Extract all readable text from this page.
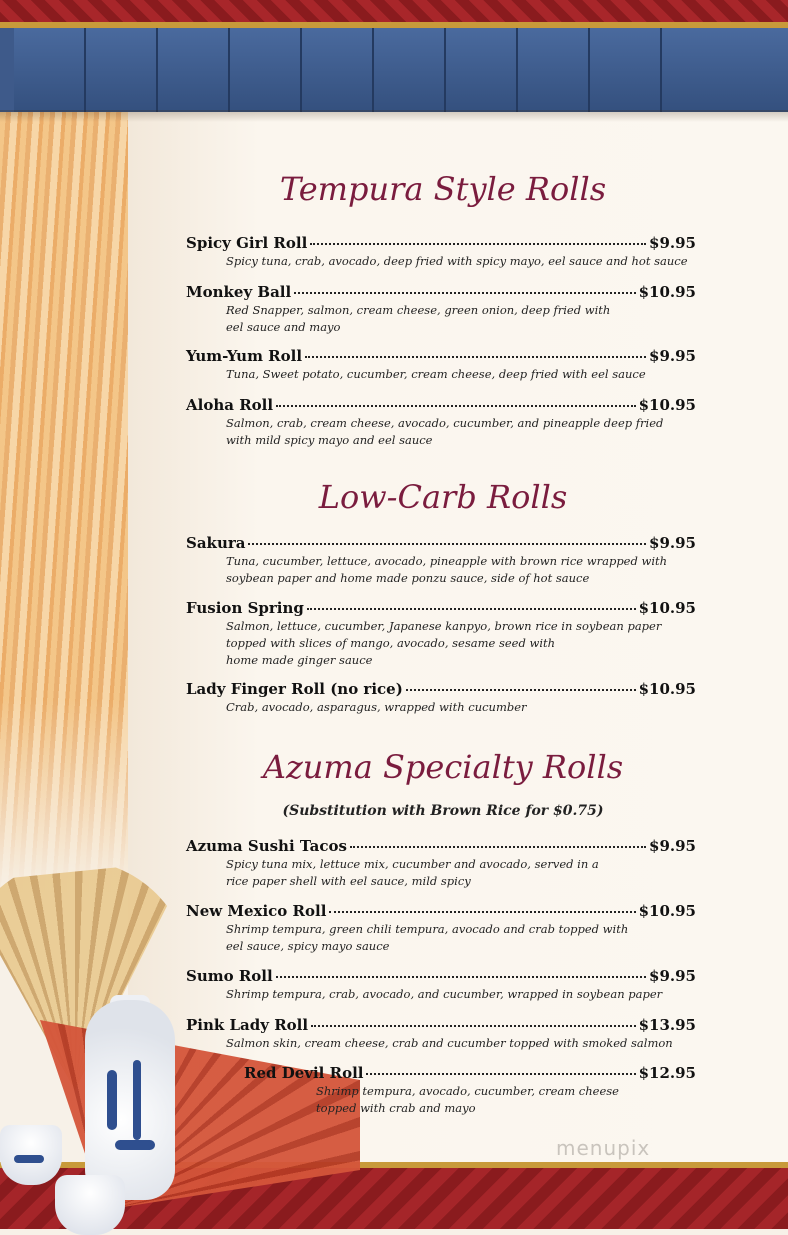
Tempura Style Rolls
Spicy Girl Roll	$9.95
Spicy tuna, crab, avocado, deep fried with spicy mayo, eel sauce and hot sauce
Monkey Ball	$10.95
Red Snapper, salmon, cream cheese, green onion, deep fried with
eel sauce and mayo
Yum-Yum Roll	$9.95
Tuna, Sweet potato, cucumber, cream cheese, deep fried with eel sauce
Aloha Roll	$10.95
Salmon, crab, cream cheese, avocado, cucumber, and pineapple deep fried
with mild spicy mayo and eel sauce
Low-Carb Rolls
Sakura	$9.95
Tuna, cucumber, lettuce, avocado, pineapple with brown rice wrapped with
soybean paper and home made ponzu sauce, side of hot sauce
Fusion Spring	$10.95
Salmon, lettuce, cucumber, Japanese kanpyo, brown rice in soybean paper
topped with slices of mango, avocado, sesame seed with
home made ginger sauce
Lady Finger Roll (no rice)	$10.95
Crab, avocado, asparagus, wrapped with cucumber
Azuma Specialty Rolls
(Substitution with Brown Rice for $0.75)
Azuma Sushi Tacos	$9.95
Spicy tuna mix, lettuce mix, cucumber and avocado, served in a
rice paper shell with eel sauce, mild spicy
New Mexico Roll	$10.95
Shrimp tempura, green chili tempura, avocado and crab topped with
eel sauce, spicy mayo sauce
Sumo Roll	$9.95
Shrimp tempura, crab, avocado, and cucumber, wrapped in soybean paper
Pink Lady Roll	$13.95
Salmon skin, cream cheese, crab and cucumber topped with smoked salmon
Red Devil Roll	$12.95
Shrimp tempura, avocado, cucumber, cream cheese
topped with crab and mayo
menupix
